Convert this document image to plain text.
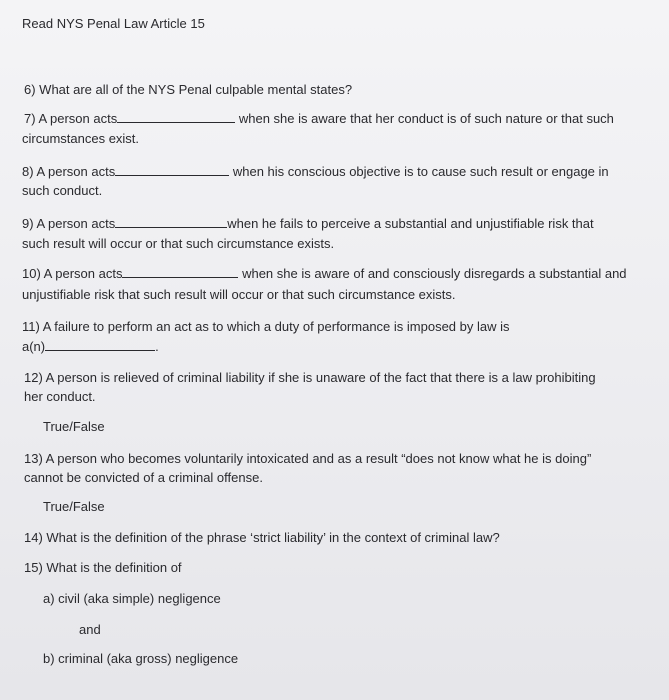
Read NYS Penal Law Article 15
6) What are all of the NYS Penal culpable mental states?
7) A person acts	when she is aware that her conduct is of such nature or that such
circumstances exist.
8) A person acts	when his conscious objective is to cause such result or engage in
such conduct.
9) A person acts	when he fails to perceive a substantial and unjustifiable risk that
such result will occur or that such circumstance exists.
10) A person acts	when she is aware of and consciously disregards a substantial and
unjustifiable risk that such result will occur or that such circumstance exists.
11) A failure to perform an act as to which a duty of performance is imposed by law is
a(n)	.
12) A person is relieved of criminal liability if she is unaware of the fact that there is a law prohibiting
her conduct.
True/False
13) A person who becomes voluntarily intoxicated and as a result “does not know what he is doing”
cannot be convicted of a criminal offense.
True/False
14) What is the definition of the phrase ‘strict liability’ in the context of criminal law?
15) What is the definition of
a) civil (aka simple) negligence
and
b) criminal (aka gross) negligence
